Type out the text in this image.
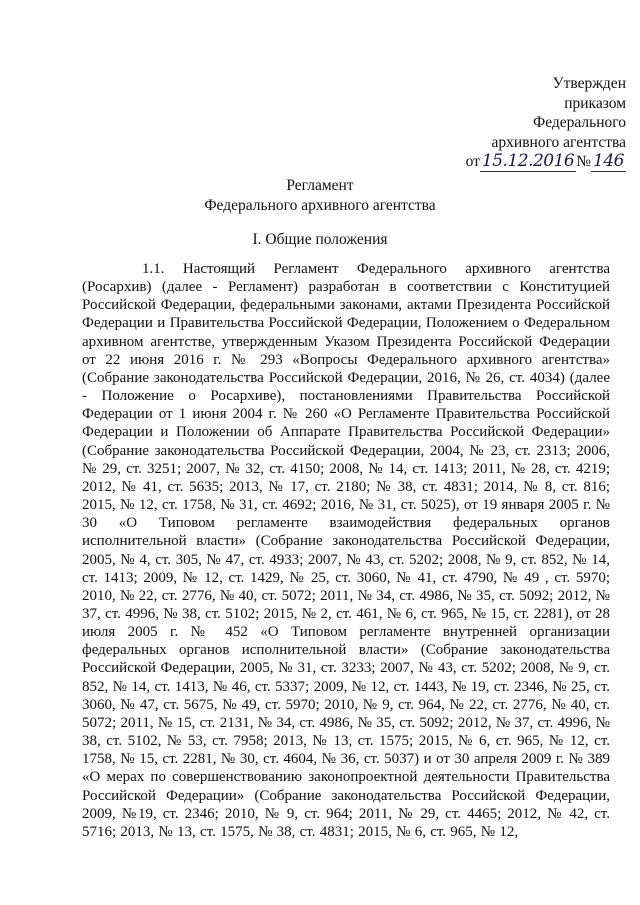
Утвержден
приказом
Федерального
архивного агентства
от 15.12.2016 № 146
Регламент
Федерального архивного агентства
I. Общие положения
1.1. Настоящий Регламент Федерального архивного агентства (Росархив) (далее - Регламент) разработан в соответствии с Конституцией Российской Федерации, федеральными законами, актами Президента Российской Федерации и Правительства Российской Федерации, Положением о Федеральном архивном агентстве, утвержденным Указом Президента Российской Федерации от 22 июня 2016 г. № 293 «Вопросы Федерального архивного агентства» (Собрание законодательства Российской Федерации, 2016, № 26, ст. 4034) (далее - Положение о Росархиве), постановлениями Правительства Российской Федерации от 1 июня 2004 г. № 260 «О Регламенте Правительства Российской Федерации и Положении об Аппарате Правительства Российской Федерации» (Собрание законодательства Российской Федерации, 2004, № 23, ст. 2313; 2006, № 29, ст. 3251; 2007, № 32, ст. 4150; 2008, № 14, ст. 1413; 2011, № 28, ст. 4219; 2012, № 41, ст. 5635; 2013, № 17, ст. 2180; № 38, ст. 4831; 2014, № 8, ст. 816; 2015, № 12, ст. 1758, № 31, ст. 4692; 2016, № 31, ст. 5025), от 19 января 2005 г. № 30 «О Типовом регламенте взаимодействия федеральных органов исполнительной власти» (Собрание законодательства Российской Федерации, 2005, № 4, ст. 305, № 47, ст. 4933; 2007, № 43, ст. 5202; 2008, № 9, ст. 852, № 14, ст. 1413; 2009, № 12, ст. 1429, № 25, ст. 3060, № 41, ст. 4790, № 49 , ст. 5970; 2010, № 22, ст. 2776, № 40, ст. 5072; 2011, № 34, ст. 4986, № 35, ст. 5092; 2012, № 37, ст. 4996, № 38, ст. 5102; 2015, № 2, ст. 461, № 6, ст. 965, № 15, ст. 2281), от 28 июля 2005 г. № 452 «О Типовом регламенте внутренней организации федеральных органов исполнительной власти» (Собрание законодательства Российской Федерации, 2005, № 31, ст. 3233; 2007, № 43, ст. 5202; 2008, № 9, ст. 852, № 14, ст. 1413, № 46, ст. 5337; 2009, № 12, ст. 1443, № 19, ст. 2346, № 25, ст. 3060, № 47, ст. 5675, № 49, ст. 5970; 2010, № 9, ст. 964, № 22, ст. 2776, № 40, ст. 5072; 2011, № 15, ст. 2131, № 34, ст. 4986, № 35, ст. 5092; 2012, № 37, ст. 4996, № 38, ст. 5102, № 53, ст. 7958; 2013, № 13, ст. 1575; 2015, № 6, ст. 965, № 12, ст. 1758, № 15, ст. 2281, № 30, ст. 4604, № 36, ст. 5037) и от 30 апреля 2009 г. № 389 «О мерах по совершенствованию законопроектной деятельности Правительства Российской Федерации» (Собрание законодательства Российской Федерации, 2009, №19, ст. 2346; 2010, № 9, ст. 964; 2011, № 29, ст. 4465; 2012, № 42, ст. 5716; 2013, № 13, ст. 1575, № 38, ст. 4831; 2015, № 6, ст. 965, № 12,
